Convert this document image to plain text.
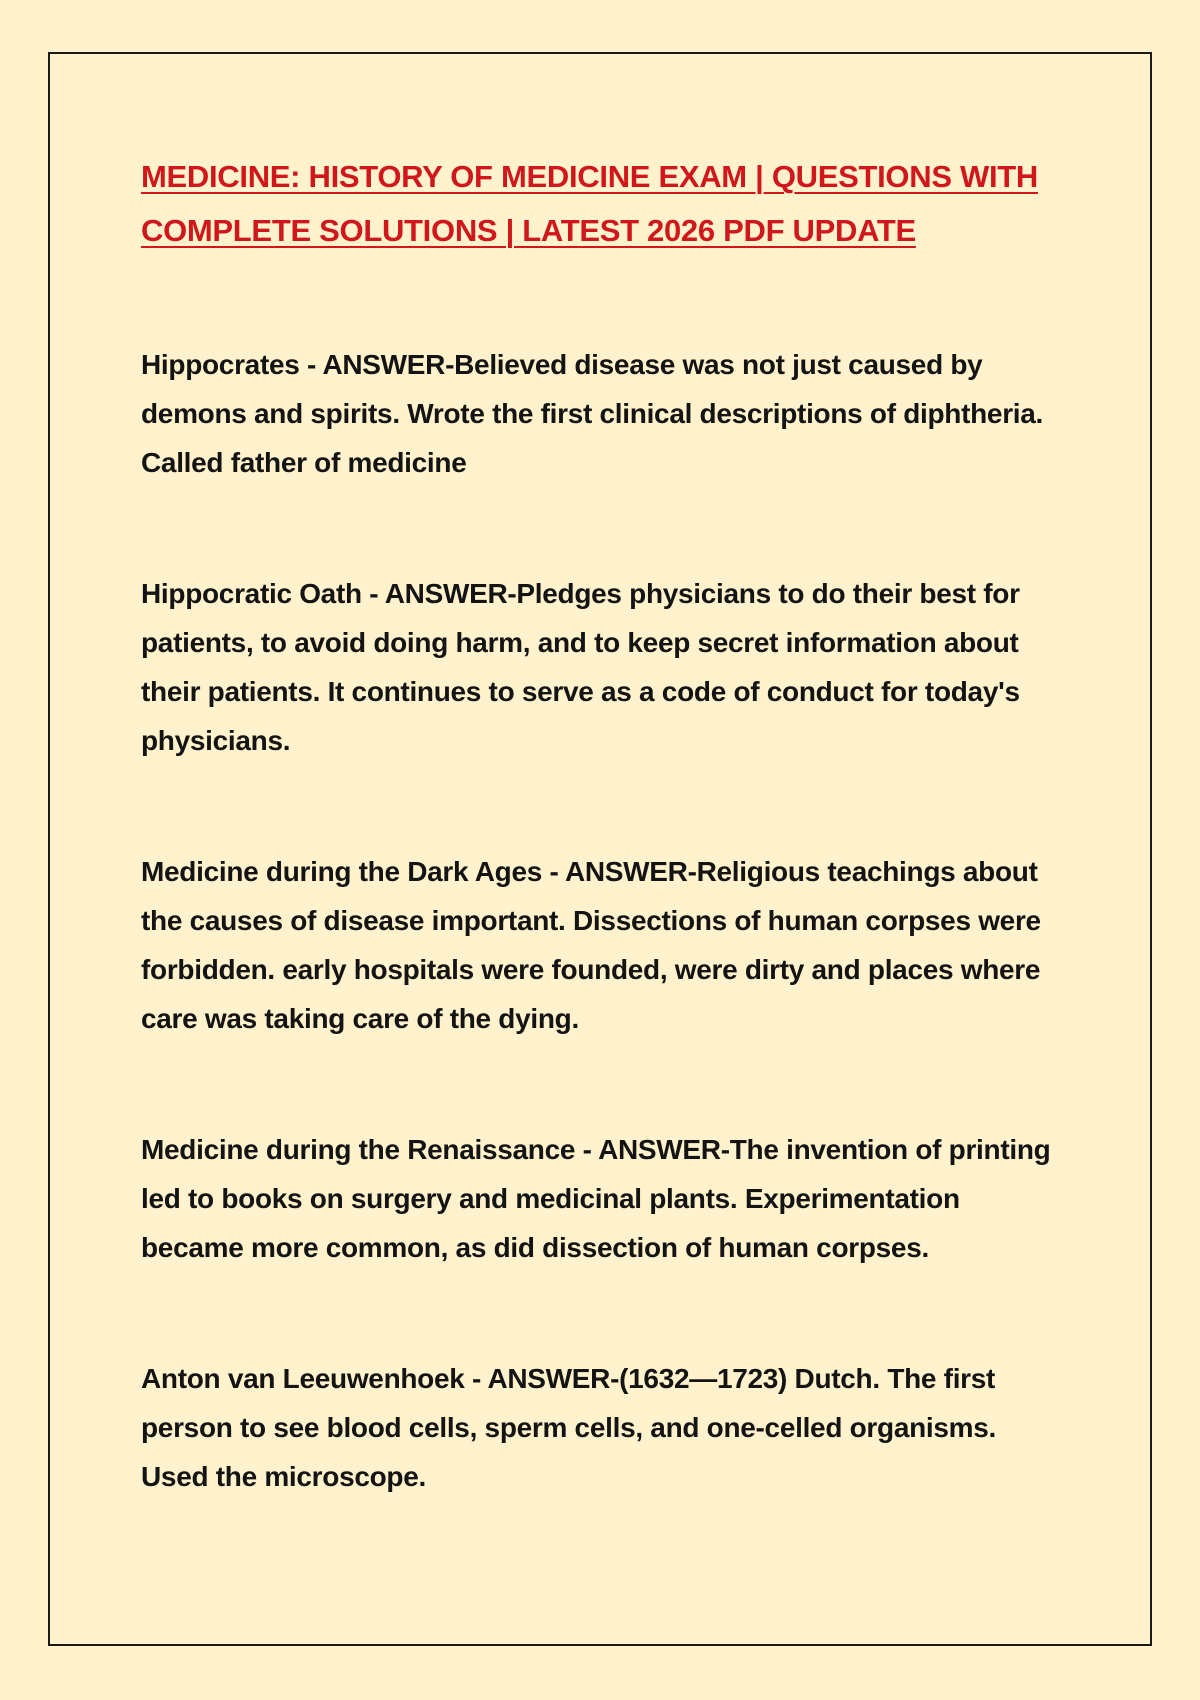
MEDICINE: HISTORY OF MEDICINE EXAM | QUESTIONS WITH COMPLETE SOLUTIONS | LATEST 2026 PDF UPDATE

Hippocrates - ANSWER-Believed disease was not just caused by demons and spirits. Wrote the first clinical descriptions of diphtheria. Called father of medicine

Hippocratic Oath - ANSWER-Pledges physicians to do their best for patients, to avoid doing harm, and to keep secret information about their patients. It continues to serve as a code of conduct for today's physicians.

Medicine during the Dark Ages - ANSWER-Religious teachings about the causes of disease important. Dissections of human corpses were forbidden. early hospitals were founded, were dirty and places where care was taking care of the dying.

Medicine during the Renaissance - ANSWER-The invention of printing led to books on surgery and medicinal plants. Experimentation became more common, as did dissection of human corpses.

Anton van Leeuwenhoek - ANSWER-(1632—1723) Dutch. The first person to see blood cells, sperm cells, and one-celled organisms. Used the microscope.
